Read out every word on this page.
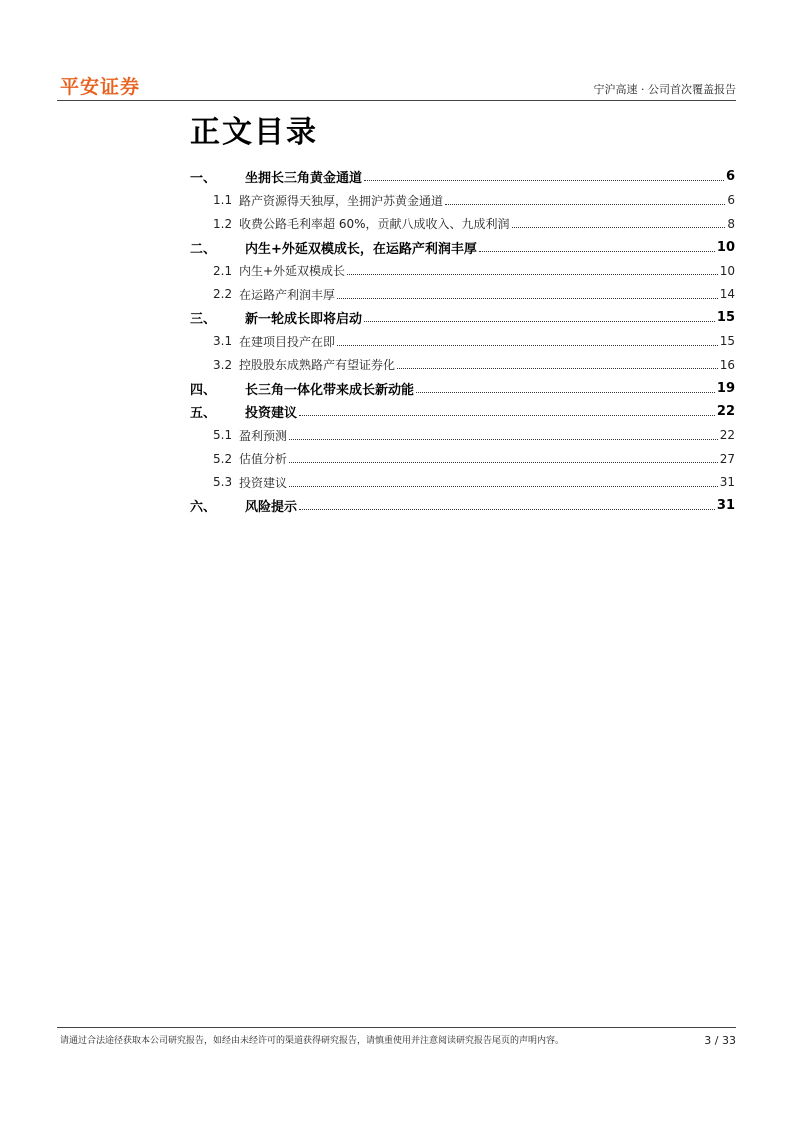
平安证券	宁沪高速 · 公司首次覆盖报告
正文目录
一、	坐拥长三角黄金通道	6
1.1 路产资源得天独厚，坐拥沪苏黄金通道	6
1.2 收费公路毛利率超 60%，贡献八成收入、九成利润	8
二、	内生+外延双模成长，在运路产利润丰厚	10
2.1 内生+外延双模成长	10
2.2 在运路产利润丰厚	14
三、	新一轮成长即将启动	15
3.1 在建项目投产在即	15
3.2 控股股东成熟路产有望证券化	16
四、	长三角一体化带来成长新动能	19
五、	投资建议	22
5.1 盈利预测	22
5.2 估值分析	27
5.3 投资建议	31
六、	风险提示	31
请通过合法途径获取本公司研究报告，如经由未经许可的渠道获得研究报告，请慎重使用并注意阅读研究报告尾页的声明内容。	3 / 33
